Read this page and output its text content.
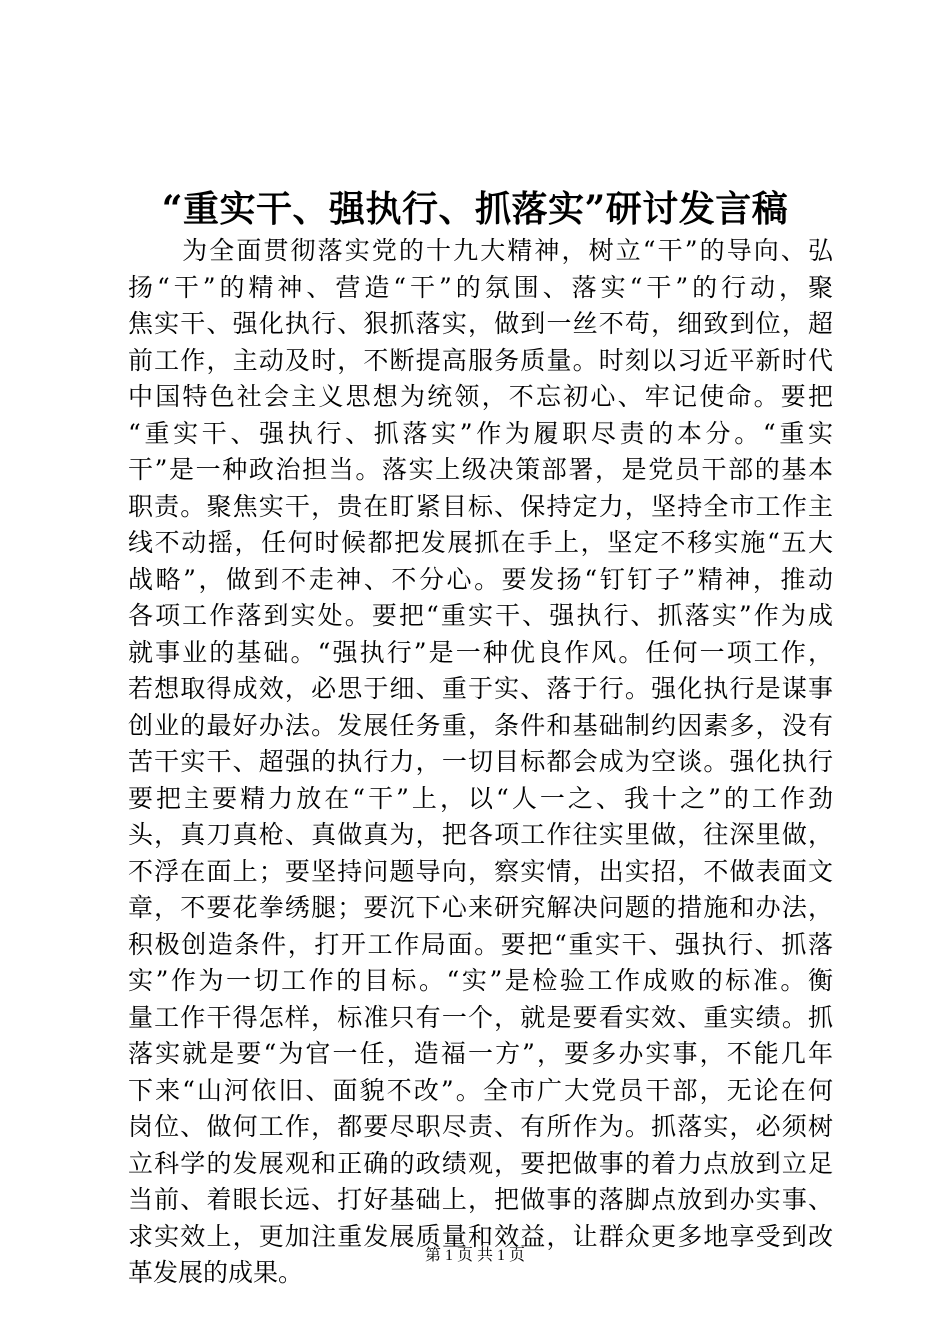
“重实干、强执行、抓落实”研讨发言稿
　　为全面贯彻落实党的十九大精神，树立“干”的导向、弘
扬“干”的精神、营造“干”的氛围、落实“干”的行动，聚
焦实干、强化执行、狠抓落实，做到一丝不苟，细致到位，超
前工作，主动及时，不断提高服务质量。时刻以习近平新时代
中国特色社会主义思想为统领，不忘初心、牢记使命。要把
“重实干、强执行、抓落实”作为履职尽责的本分。“重实
干”是一种政治担当。落实上级决策部署，是党员干部的基本
职责。聚焦实干，贵在盯紧目标、保持定力，坚持全市工作主
线不动摇，任何时候都把发展抓在手上，坚定不移实施“五大
战略”，做到不走神、不分心。要发扬“钉钉子”精神，推动
各项工作落到实处。要把“重实干、强执行、抓落实”作为成
就事业的基础。“强执行”是一种优良作风。任何一项工作，
若想取得成效，必思于细、重于实、落于行。强化执行是谋事
创业的最好办法。发展任务重，条件和基础制约因素多，没有
苦干实干、超强的执行力，一切目标都会成为空谈。强化执行
要把主要精力放在“干”上，以“人一之、我十之”的工作劲
头，真刀真枪、真做真为，把各项工作往实里做，往深里做，
不浮在面上；要坚持问题导向，察实情，出实招，不做表面文
章，不要花拳绣腿；要沉下心来研究解决问题的措施和办法，
积极创造条件，打开工作局面。要把“重实干、强执行、抓落
实”作为一切工作的目标。“实”是检验工作成败的标准。衡
量工作干得怎样，标准只有一个，就是要看实效、重实绩。抓
落实就是要“为官一任，造福一方”，要多办实事，不能几年
下来“山河依旧、面貌不改”。全市广大党员干部，无论在何
岗位、做何工作，都要尽职尽责、有所作为。抓落实，必须树
立科学的发展观和正确的政绩观，要把做事的着力点放到立足
当前、着眼长远、打好基础上，把做事的落脚点放到办实事、
求实效上，更加注重发展质量和效益，让群众更多地享受到改
革发展的成果。
第 1 页 共 1 页
